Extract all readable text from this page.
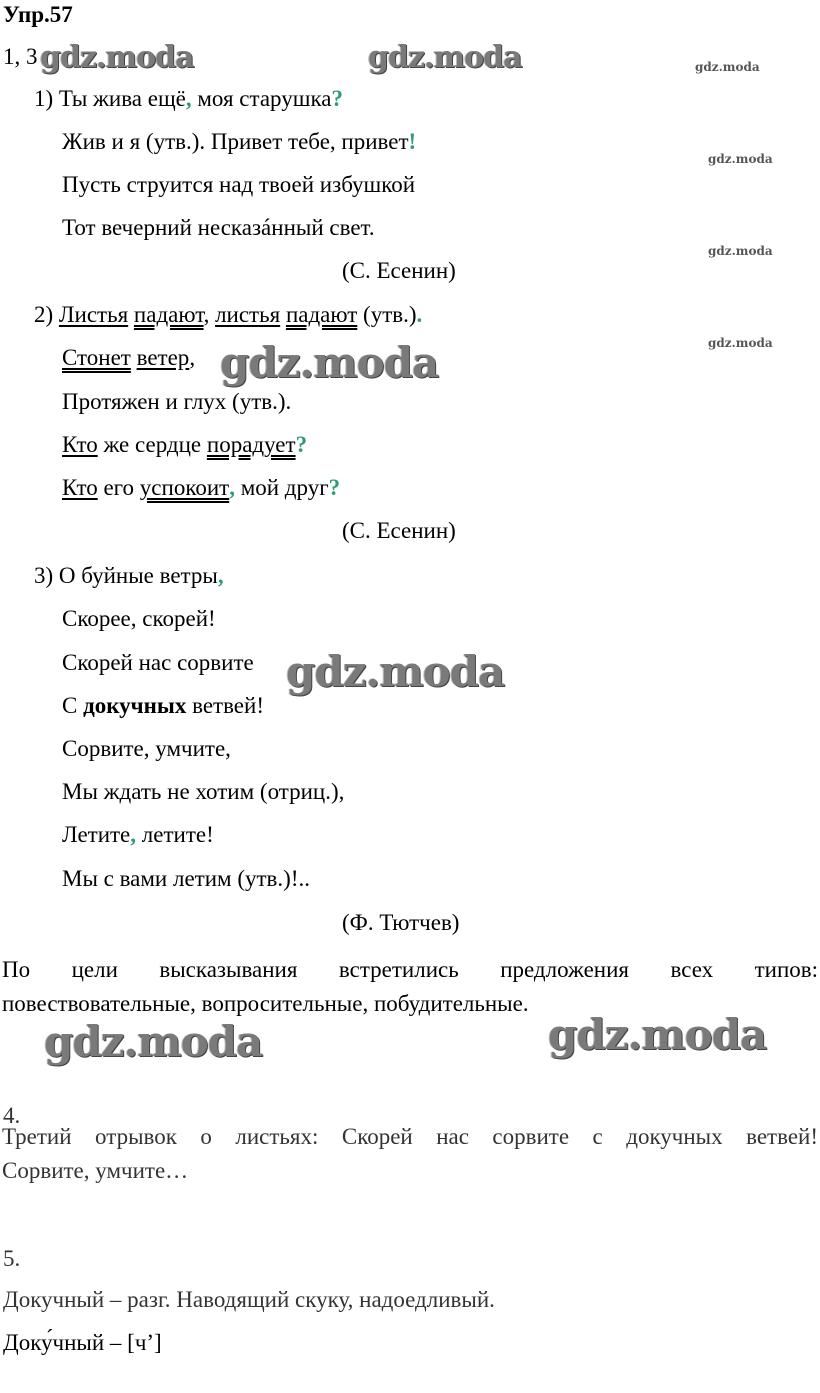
Упр.57
1, 3 gdz.moda	gdz.moda	gdz.moda
gdz.moda
gdz.moda
gdz.moda
gdz.moda
gdz.moda
gdz.moda	gdz.moda
1) Ты жива ещё, моя старушка?
Жив и я (утв.). Привет тебе, привет!
Пусть струится над твоей избушкой
Тот вечерний несказáнный свет.
(С. Есенин)
2) Листья падают, листья падают (утв.).
Стонет ветер,
Протяжен и глух (утв.).
Кто же сердце порадует?
Кто его успокоит, мой друг?
(С. Есенин)
3) О буйные ветры,
Скорее, скорей!
Скорей нас сорвите
С докучных ветвей!
Сорвите, умчите,
Мы ждать не хотим (отриц.),
Летите, летите!
Мы с вами летим (утв.)!..
(Ф. Тютчев)
По цели высказывания встретились предложения всех типов:
повествовательные, вопросительные, побудительные.
4.
Третий отрывок о листьях: Скорей нас сорвите с докучных ветвей!
Сорвите, умчите…
5.
Докучный – разг. Наводящий скуку, надоедливый.
Доку́чный – [ч’]
